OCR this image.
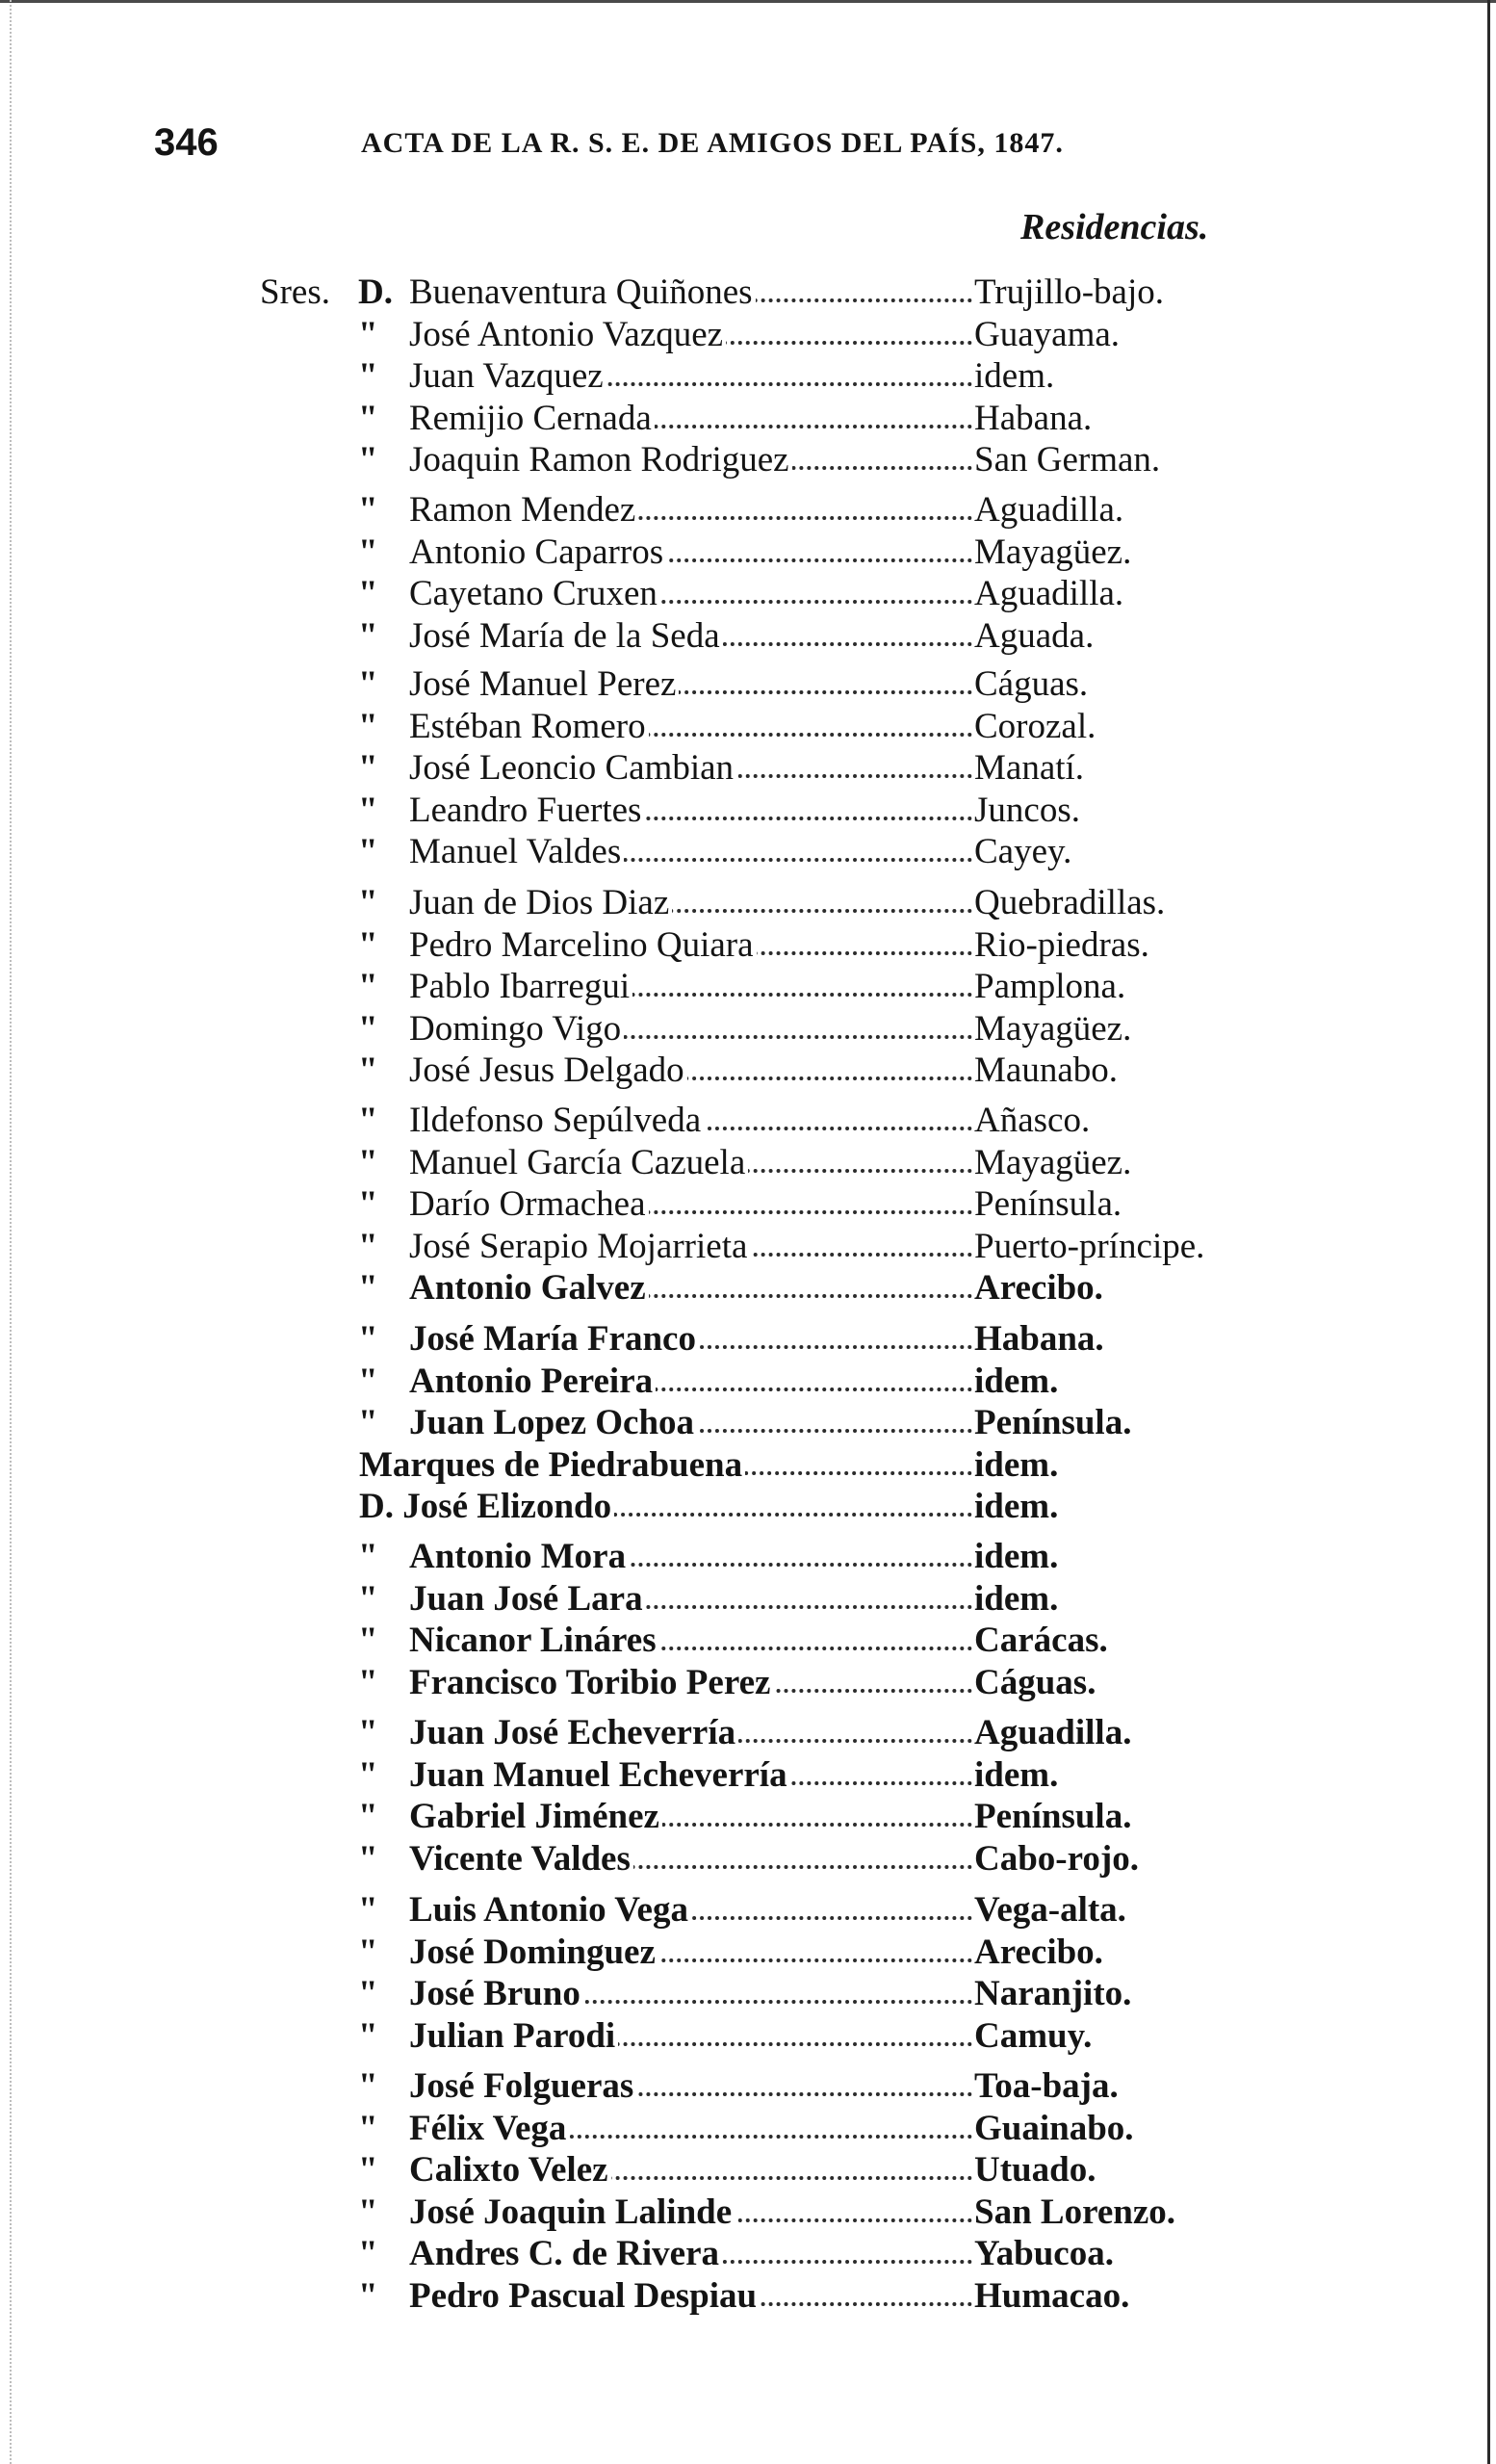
346	ACTA DE LA R. S. E. DE AMIGOS DEL PAÍS, 1847.
Residencias.
Sres. D. Buenaventura Quiñones	Trujillo-bajo.
" José Antonio Vazquez	Guayama.
" Juan Vazquez	idem.
" Remijio Cernada	Habana.
" Joaquin Ramon Rodriguez	San German.
" Ramon Mendez	Aguadilla.
" Antonio Caparros	Mayagüez.
" Cayetano Cruxen	Aguadilla.
" José María de la Seda	Aguada.
" José Manuel Perez	Cáguas.
" Estéban Romero	Corozal.
" José Leoncio Cambian	Manatí.
" Leandro Fuertes	Juncos.
" Manuel Valdes	Cayey.
" Juan de Dios Diaz	Quebradillas.
" Pedro Marcelino Quiara	Rio-piedras.
" Pablo Ibarregui	Pamplona.
" Domingo Vigo	Mayagüez.
" José Jesus Delgado	Maunabo.
" Ildefonso Sepúlveda	Añasco.
" Manuel García Cazuela	Mayagüez.
" Darío Ormachea	Península.
" José Serapio Mojarrieta	Puerto-príncipe.
" Antonio Galvez	Arecibo.
" José María Franco	Habana.
" Antonio Pereira	idem.
" Juan Lopez Ochoa	Península.
Marques de Piedrabuena	idem.
D. José Elizondo	idem.
" Antonio Mora	idem.
" Juan José Lara	idem.
" Nicanor Lináres	Carácas.
" Francisco Toribio Perez	Cáguas.
" Juan José Echeverría	Aguadilla.
" Juan Manuel Echeverría	idem.
" Gabriel Jiménez	Península.
" Vicente Valdes	Cabo-rojo.
" Luis Antonio Vega	Vega-alta.
" José Dominguez	Arecibo.
" José Bruno	Naranjito.
" Julian Parodi	Camuy.
" José Folgueras	Toa-baja.
" Félix Vega	Guainabo.
" Calixto Velez	Utuado.
" José Joaquin Lalinde	San Lorenzo.
" Andres C. de Rivera	Yabucoa.
" Pedro Pascual Despiau	Humacao.
